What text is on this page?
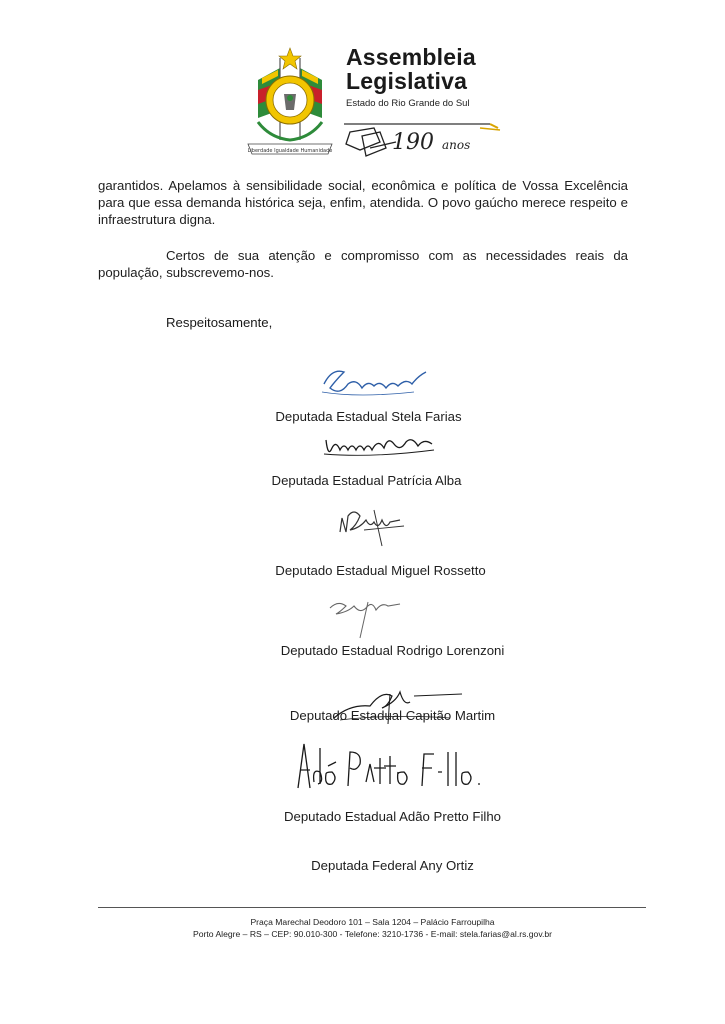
Liberdade Igualdade Humanidade
Assembleia
Legislativa
Estado do Rio Grande do Sul
190 anos
garantidos. Apelamos à sensibilidade social, econômica e política de Vossa Excelência para que essa demanda histórica seja, enfim, atendida. O povo gaúcho merece respeito e infraestrutura digna.
Certos de sua atenção e compromisso com as necessidades reais da população, subscrevemo-nos.
Respeitosamente,
Deputada Estadual Stela Farias
Deputada Estadual Patrícia Alba
Deputado Estadual Miguel Rossetto
Deputado Estadual Rodrigo Lorenzoni
Deputado Estadual Capitão Martim
Deputado Estadual Adão Pretto Filho
Deputada Federal Any Ortiz
Praça Marechal Deodoro 101 – Sala 1204 – Palácio Farroupilha
Porto Alegre – RS – CEP: 90.010-300 - Telefone: 3210-1736 - E-mail: stela.farias@al.rs.gov.br
